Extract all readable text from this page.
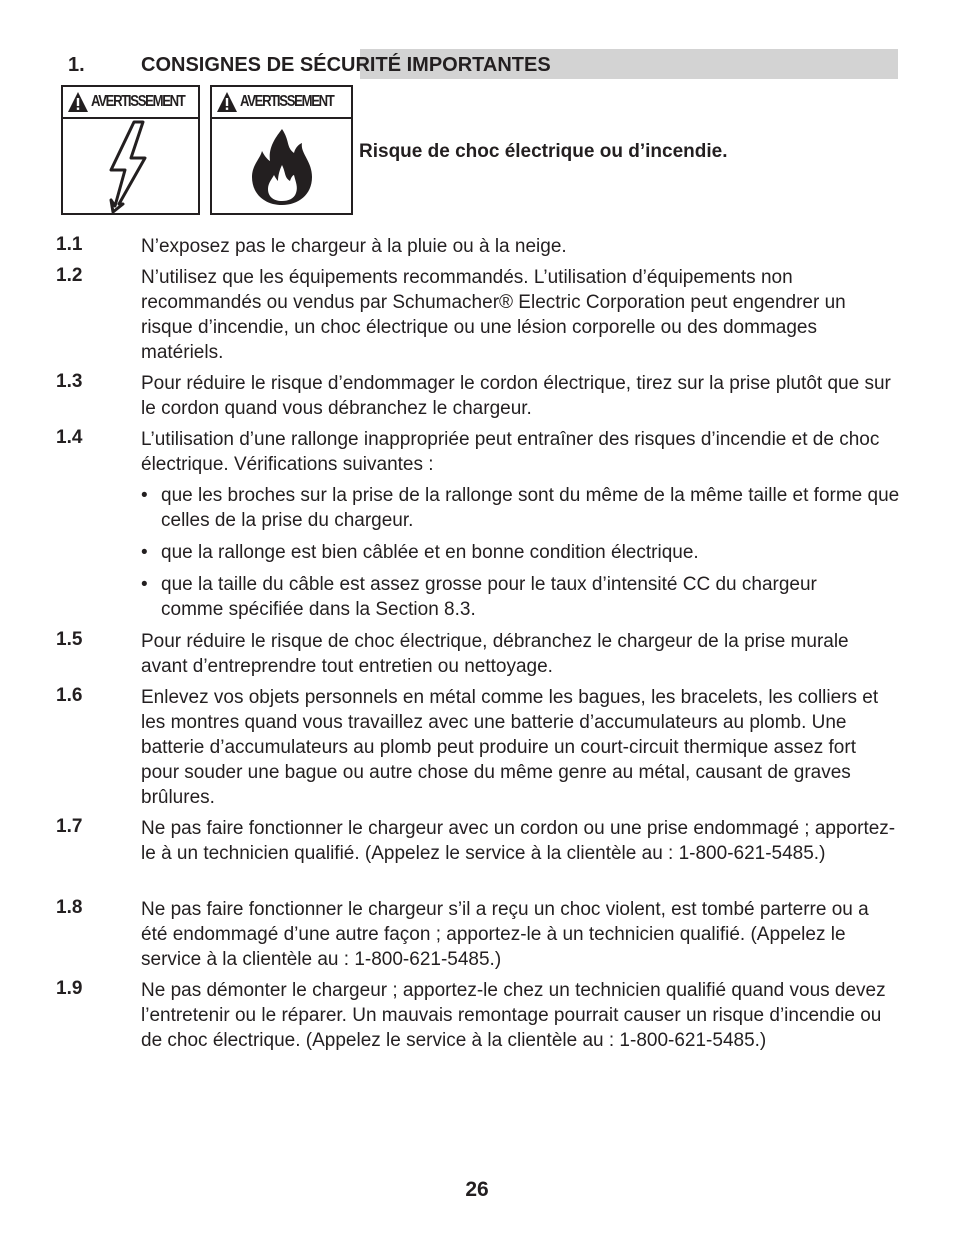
1.	CONSIGNES DE SÉCURITÉ IMPORTANTES
AVERTISSEMENT	AVERTISSEMENT
Risque de choc électrique ou d’incendie.
1.1	N’exposez pas le chargeur à la pluie ou à la neige.
1.2	N’utilisez que les équipements recommandés. L’utilisation d’équipements non recommandés ou vendus par Schumacher® Electric Corporation peut engendrer un risque d’incendie, un choc électrique ou une lésion corporelle ou des dommages matériels.
1.3	Pour réduire le risque d’endommager le cordon électrique, tirez sur la prise plutôt que sur le cordon quand vous débranchez le chargeur.
1.4	L’utilisation d’une rallonge inappropriée peut entraîner des risques d’incendie et de choc électrique. Vérifications suivantes :
• que les broches sur la prise de la rallonge sont du même de la même taille et forme que celles de la prise du chargeur.
• que la rallonge est bien câblée et en bonne condition électrique.
• que la taille du câble est assez grosse pour le taux d’intensité CC du chargeur comme spécifiée dans la Section 8.3.
1.5	Pour réduire le risque de choc électrique, débranchez le chargeur de la prise murale avant d’entreprendre tout entretien ou nettoyage.
1.6	Enlevez vos objets personnels en métal comme les bagues, les bracelets, les colliers et les montres quand vous travaillez avec une batterie d’accumulateurs au plomb. Une batterie d’accumulateurs au plomb peut produire un court-circuit thermique assez fort pour souder une bague ou autre chose du même genre au métal, causant de graves brûlures.
1.7	Ne pas faire fonctionner le chargeur avec un cordon ou une prise endommagé ; apportez-le à un technicien qualifié. (Appelez le service à la clientèle au : 1-800-621-5485.)
1.8	Ne pas faire fonctionner le chargeur s’il a reçu un choc violent, est tombé parterre ou a été endommagé d’une autre façon ; apportez-le à un technicien qualifié. (Appelez le service à la clientèle au : 1-800-621-5485.)
1.9	Ne pas démonter le chargeur ; apportez-le chez un technicien qualifié quand vous devez l’entretenir ou le réparer. Un mauvais remontage pourrait causer un risque d’incendie ou de choc électrique. (Appelez le service à la clientèle au : 1-800-621-5485.)
26
